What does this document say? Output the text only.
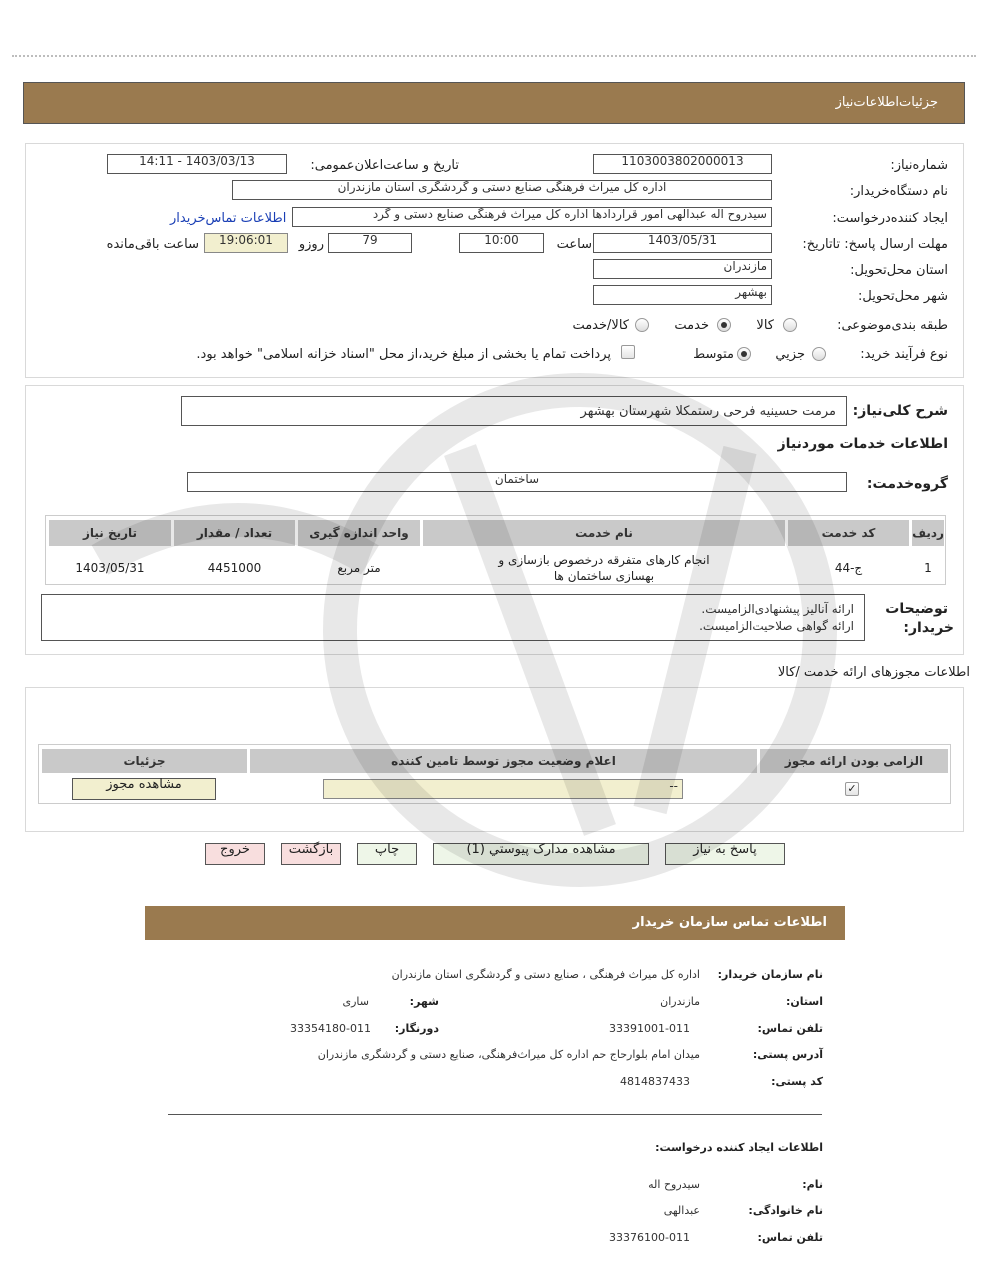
جزئیات‌اطلاعات‌نیاز
شماره‌نیاز:
1103003802000013
تاریخ و ساعت‌اعلان‌عمومی:
1403/03/13 - 14:11
نام دستگاه‌خریدار:
اداره کل میراث فرهنگی صنایع دستی و گردشگری استان مازندران
ایجاد کننده‌درخواست:
سیدروح اله عبدالهی امور قراردادها اداره کل میراث فرهنگی صنایع دستی و گرد
اطلاعات تماس‌خریدار
مهلت ارسال پاسخ: تاتاریخ:
1403/05/31
ساعت
10:00
79
روزو
19:06:01
ساعت باقی‌مانده
استان محل‌تحویل:
مازندران
شهر محل‌تحویل:
بهشهر
طبقه بندی‌موضوعی:
کالا
خدمت
کالا/خدمت
نوع فرآیند خرید:
جزیي
متوسط
پرداخت تمام یا بخشی از مبلغ خرید،از محل "اسناد خزانه اسلامی" خواهد بود.
شرح کلی‌نیاز:
مرمت حسینیه فرحی رستمکلا شهرستان بهشهر
اطلاعات خدمات موردنیاز
گروه‌خدمت:
ساختمان
ردیف
کد خدمت
نام خدمت
واحد اندازه گیری
تعداد / مقدار
تاریخ نیاز
1
ج-44
انجام کارهای متفرقه درخصوص بازسازی و
بهسازی ساختمان ها
متر مربع
4451000
1403/05/31
توضیحات
خریدار:
ارائه آنالیز پیشنهادی‌الزامیست.
ارائه گواهی صلاحیت‌الزامیست.
اطلاعات مجوزهای ارائه خدمت /کالا
الزامی بودن ارائه مجوز
اعلام وضعیت مجوز توسط تامین کننده
جزئیات
✓
--
مشاهده مجوز
پاسخ به نیاز
مشاهده مدارک پیوستي (1)
چاپ
بازگشت
خروج
اطلاعات تماس سازمان خریدار
نام سازمان خریدار:
اداره کل میراث فرهنگی ، صنایع دستی و گردشگری استان مازندران
استان:
مازندران
شهر:
ساری
تلفن تماس:
33391001-011
دورنگار:
33354180-011
آدرس پستی:
میدان امام بلوارحاج حم اداره کل میراث‌فرهنگی، صنایع دستی و گردشگری مازندران
کد پستی:
4814837433
اطلاعات ایجاد کننده درخواست:
نام:
سیدروح اله
نام خانوادگی:
عبدالهی
تلفن تماس:
33376100-011
